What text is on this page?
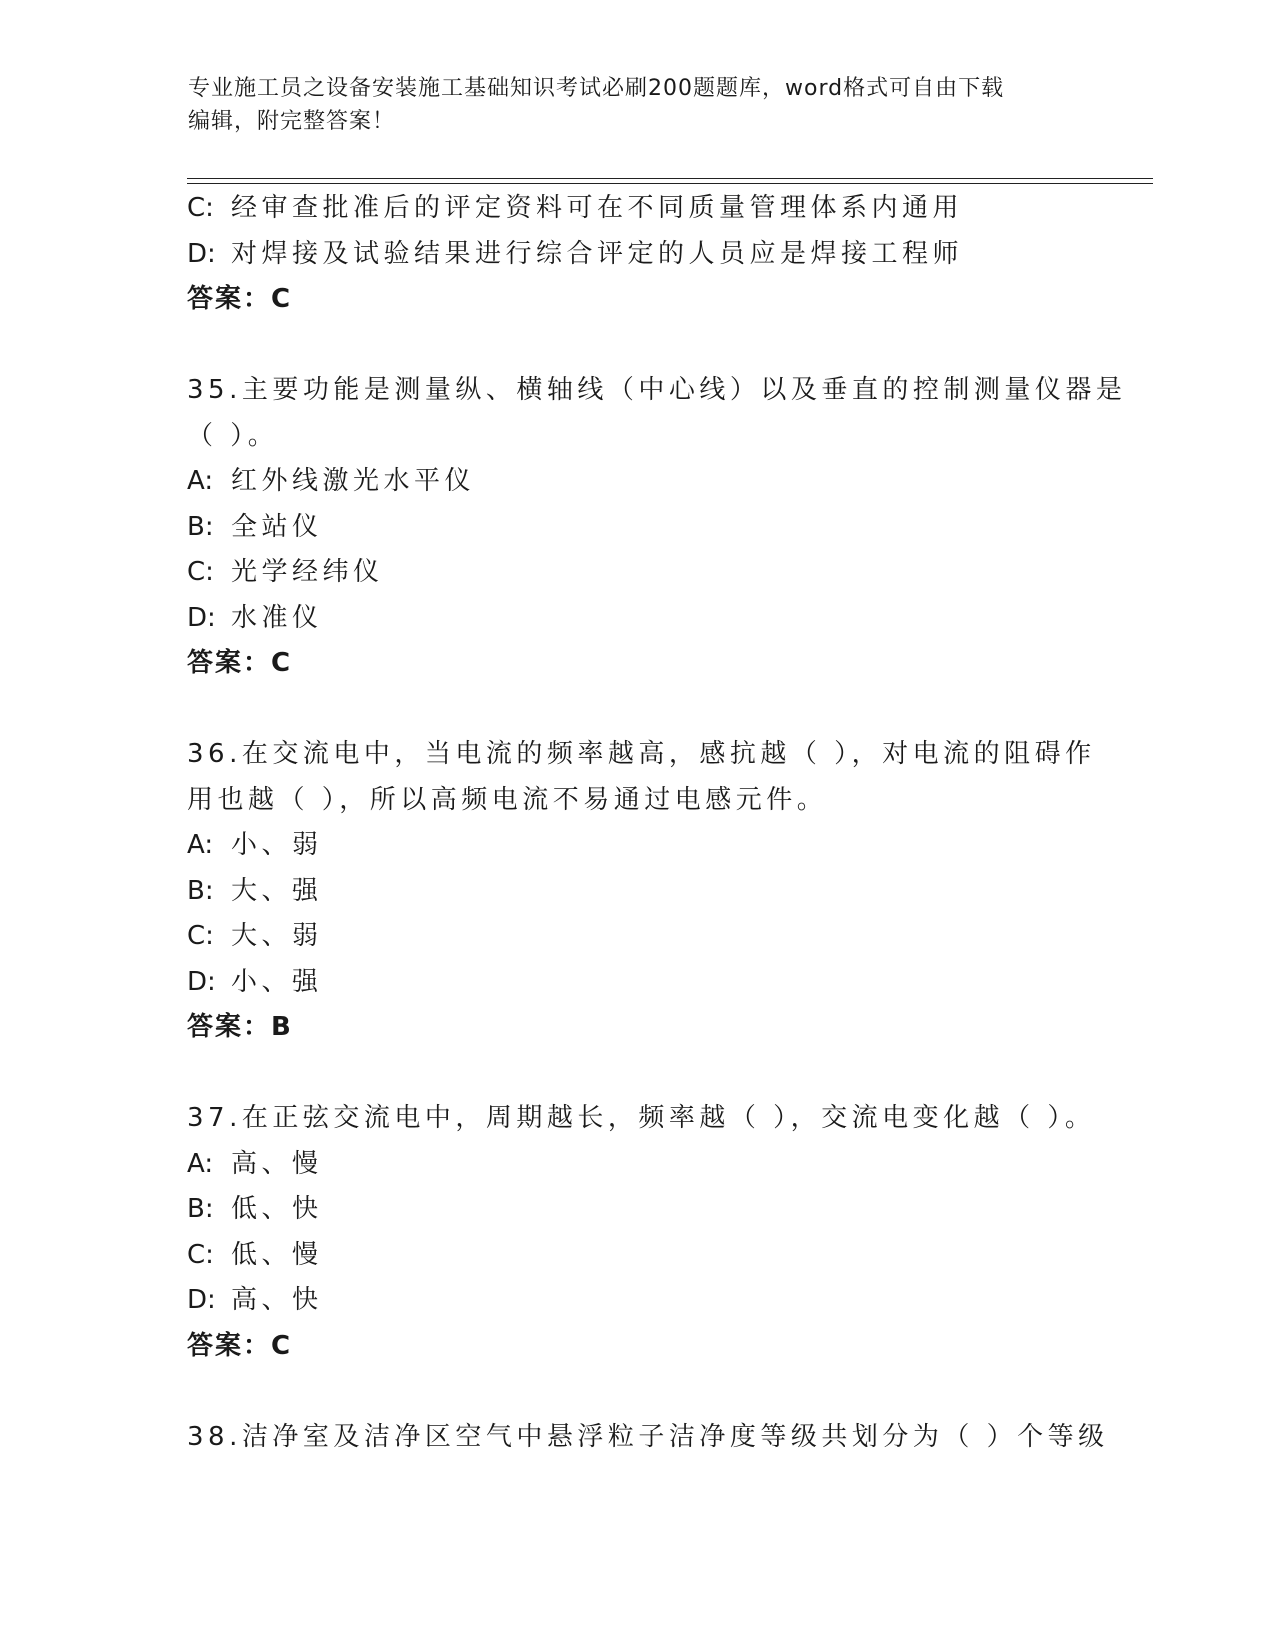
专业施工员之设备安装施工基础知识考试必刷200题题库，word格式可自由下载
编辑，附完整答案！
C: 经审查批准后的评定资料可在不同质量管理体系内通用
D: 对焊接及试验结果进行综合评定的人员应是焊接工程师
答案：C
35.主要功能是测量纵、横轴线（中心线）以及垂直的控制测量仪器是
（ ）。
A: 红外线激光水平仪
B: 全站仪
C: 光学经纬仪
D: 水准仪
答案：C
36.在交流电中，当电流的频率越高，感抗越（ ），对电流的阻碍作
用也越（ ），所以高频电流不易通过电感元件。
A: 小、弱
B: 大、强
C: 大、弱
D: 小、强
答案：B
37.在正弦交流电中，周期越长，频率越（ ），交流电变化越（ ）。
A: 高、慢
B: 低、快
C: 低、慢
D: 高、快
答案：C
38.洁净室及洁净区空气中悬浮粒子洁净度等级共划分为（ ）个等级
